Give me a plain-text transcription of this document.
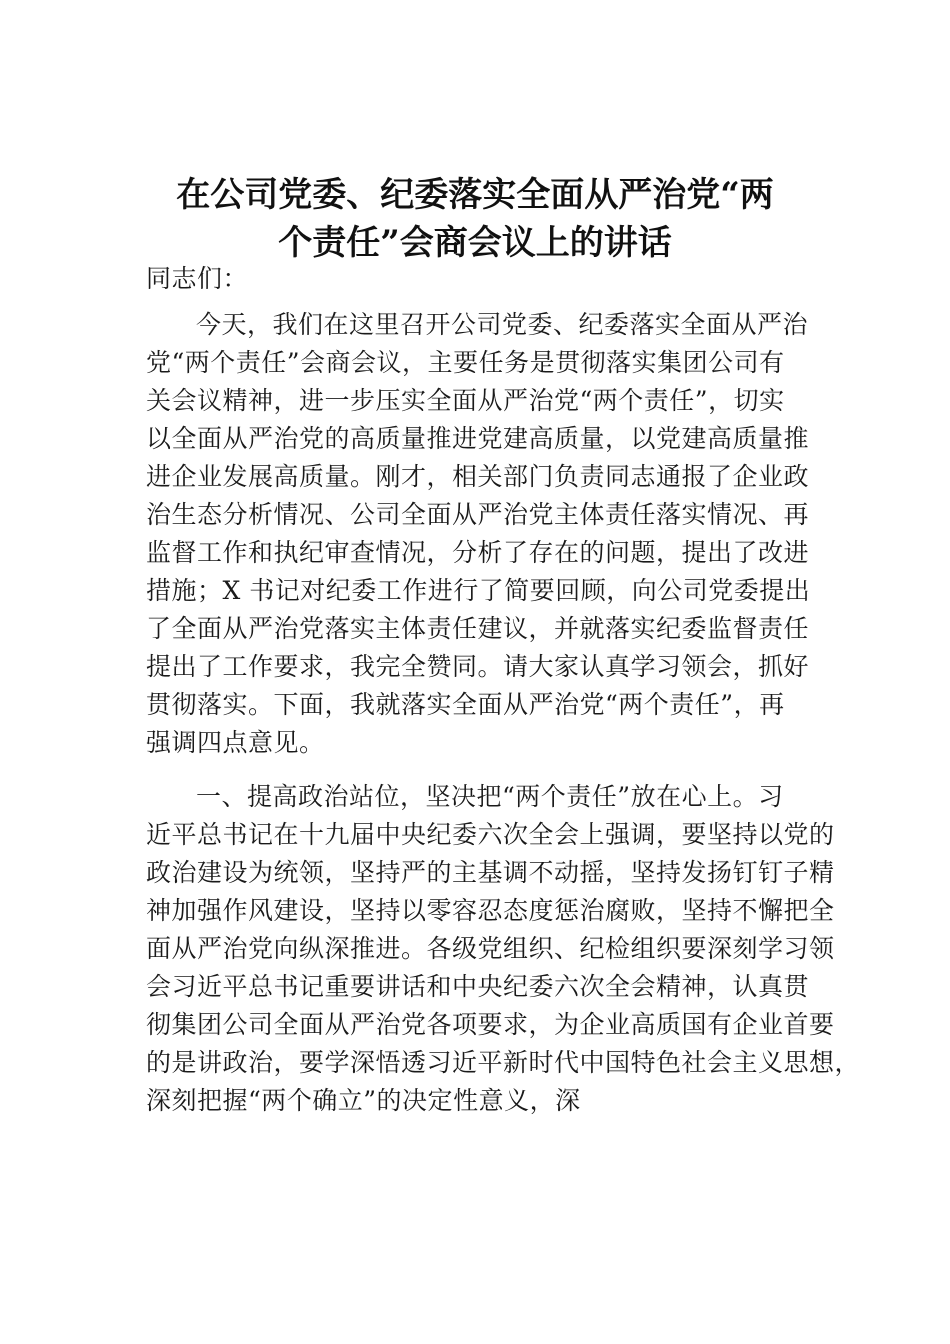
在公司党委、纪委落实全面从严治党“两
个责任”会商会议上的讲话
同志们：
今天，我们在这里召开公司党委、纪委落实全面从严治
党“两个责任”会商会议，主要任务是贯彻落实集团公司有
关会议精神，进一步压实全面从严治党“两个责任”，切实
以全面从严治党的高质量推进党建高质量，以党建高质量推
进企业发展高质量。刚才，相关部门负责同志通报了企业政
治生态分析情况、公司全面从严治党主体责任落实情况、再
监督工作和执纪审查情况，分析了存在的问题，提出了改进
措施；X 书记对纪委工作进行了简要回顾，向公司党委提出
了全面从严治党落实主体责任建议，并就落实纪委监督责任
提出了工作要求，我完全赞同。请大家认真学习领会，抓好
贯彻落实。下面，我就落实全面从严治党“两个责任”，再
强调四点意见。
一、提高政治站位，坚决把“两个责任”放在心上。习
近平总书记在十九届中央纪委六次全会上强调，要坚持以党的
政治建设为统领，坚持严的主基调不动摇，坚持发扬钉钉子精
神加强作风建设，坚持以零容忍态度惩治腐败，坚持不懈把全
面从严治党向纵深推进。各级党组织、纪检组织要深刻学习领
会习近平总书记重要讲话和中央纪委六次全会精神，认真贯
彻集团公司全面从严治党各项要求，为企业高质国有企业首要
的是讲政治，要学深悟透习近平新时代中国特色社会主义思想，
深刻把握“两个确立”的决定性意义，深
